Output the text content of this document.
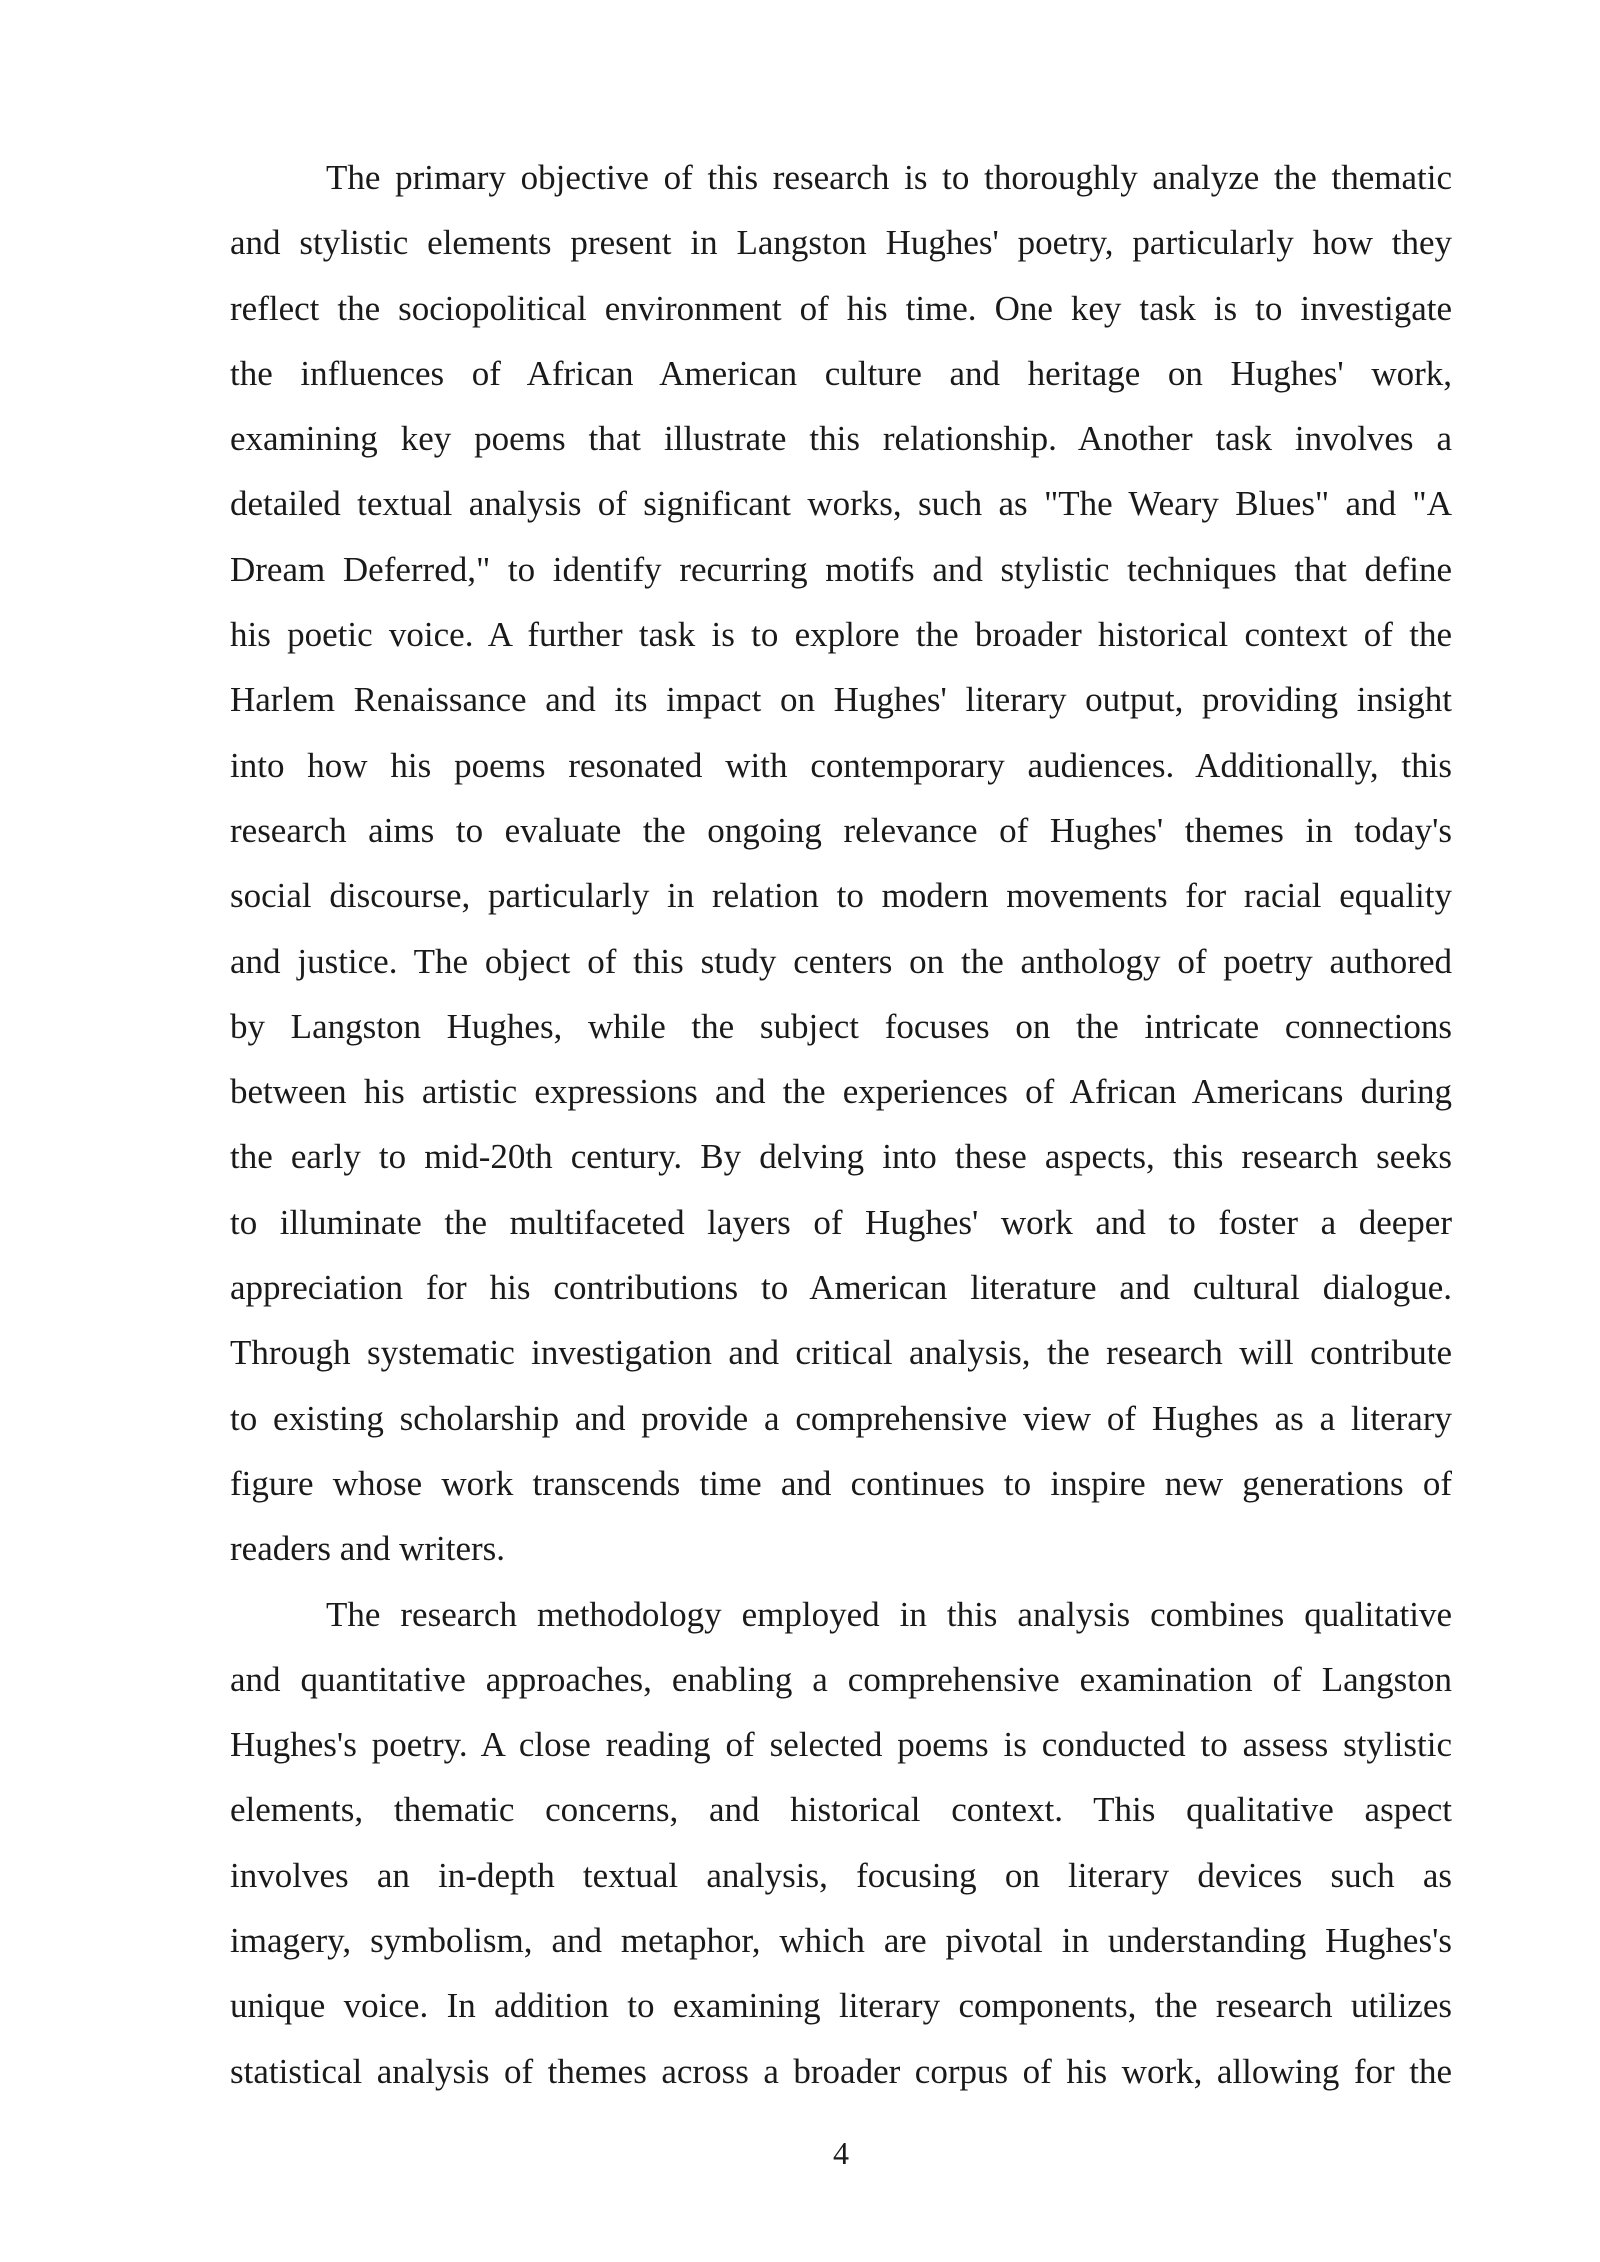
The primary objective of this research is to thoroughly analyze the thematic
and stylistic elements present in Langston Hughes' poetry, particularly how they
reflect the sociopolitical environment of his time. One key task is to investigate
the influences of African American culture and heritage on Hughes' work,
examining key poems that illustrate this relationship. Another task involves a
detailed textual analysis of significant works, such as "The Weary Blues" and "A
Dream Deferred," to identify recurring motifs and stylistic techniques that define
his poetic voice. A further task is to explore the broader historical context of the
Harlem Renaissance and its impact on Hughes' literary output, providing insight
into how his poems resonated with contemporary audiences. Additionally, this
research aims to evaluate the ongoing relevance of Hughes' themes in today's
social discourse, particularly in relation to modern movements for racial equality
and justice. The object of this study centers on the anthology of poetry authored
by Langston Hughes, while the subject focuses on the intricate connections
between his artistic expressions and the experiences of African Americans during
the early to mid-20th century. By delving into these aspects, this research seeks
to illuminate the multifaceted layers of Hughes' work and to foster a deeper
appreciation for his contributions to American literature and cultural dialogue.
Through systematic investigation and critical analysis, the research will contribute
to existing scholarship and provide a comprehensive view of Hughes as a literary
figure whose work transcends time and continues to inspire new generations of
readers and writers.
The research methodology employed in this analysis combines qualitative
and quantitative approaches, enabling a comprehensive examination of Langston
Hughes's poetry. A close reading of selected poems is conducted to assess stylistic
elements, thematic concerns, and historical context. This qualitative aspect
involves an in-depth textual analysis, focusing on literary devices such as
imagery, symbolism, and metaphor, which are pivotal in understanding Hughes's
unique voice. In addition to examining literary components, the research utilizes
statistical analysis of themes across a broader corpus of his work, allowing for the
4
